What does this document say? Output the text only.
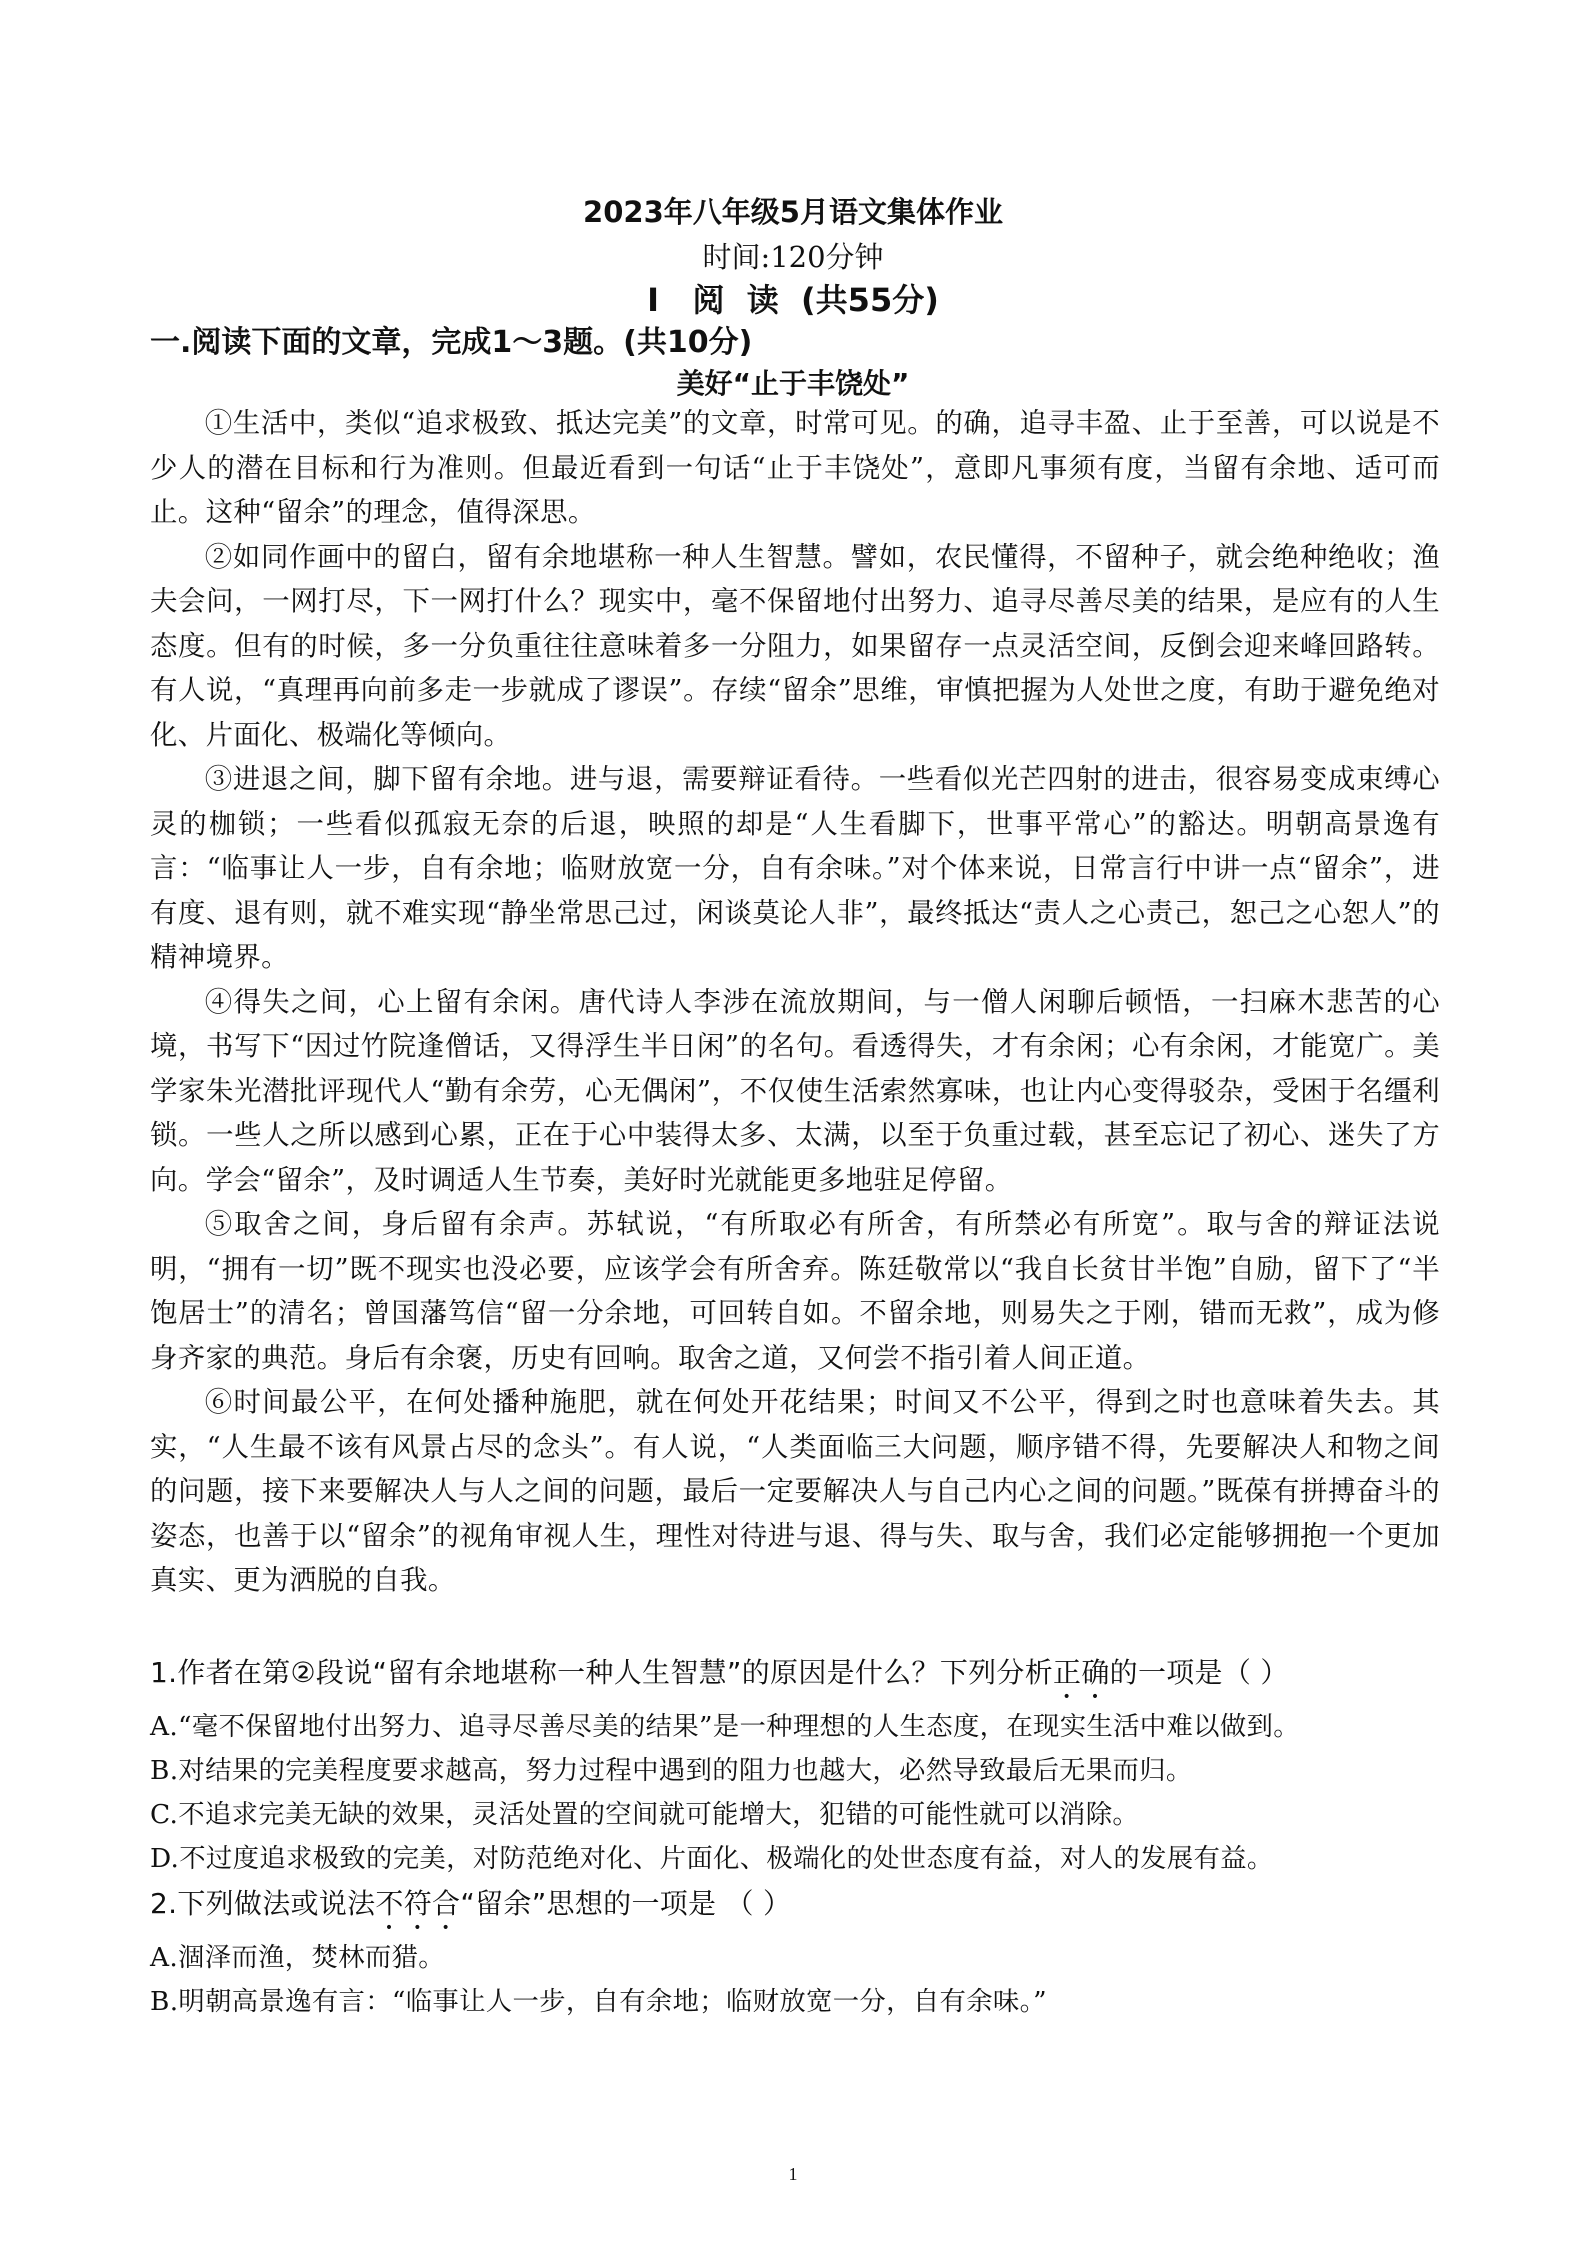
2023年八年级5月语文集体作业
时间:120分钟
Ⅰ   阅  读  (共55分)
一.阅读下面的文章，完成1～3题。(共10分)
美好“止于丰饶处”

①生活中，类似“追求极致、抵达完美”的文章，时常可见。的确，追寻丰盈、止于至善，可以说是不少人的潜在目标和行为准则。但最近看到一句话“止于丰饶处”，意即凡事须有度，当留有余地、适可而止。这种“留余”的理念，值得深思。

②如同作画中的留白，留有余地堪称一种人生智慧。譬如，农民懂得，不留种子，就会绝种绝收；渔夫会问，一网打尽，下一网打什么？现实中，毫不保留地付出努力、追寻尽善尽美的结果，是应有的人生态度。但有的时候，多一分负重往往意味着多一分阻力，如果留存一点灵活空间，反倒会迎来峰回路转。有人说，“真理再向前多走一步就成了谬误”。存续“留余”思维，审慎把握为人处世之度，有助于避免绝对化、片面化、极端化等倾向。

③进退之间，脚下留有余地。进与退，需要辩证看待。一些看似光芒四射的进击，很容易变成束缚心灵的枷锁；一些看似孤寂无奈的后退，映照的却是“人生看脚下，世事平常心”的豁达。明朝高景逸有言：“临事让人一步，自有余地；临财放宽一分，自有余味。”对个体来说，日常言行中讲一点“留余”，进有度、退有则，就不难实现“静坐常思己过，闲谈莫论人非”，最终抵达“责人之心责己，恕己之心恕人”的精神境界。

④得失之间，心上留有余闲。唐代诗人李涉在流放期间，与一僧人闲聊后顿悟，一扫麻木悲苦的心境，书写下“因过竹院逢僧话，又得浮生半日闲”的名句。看透得失，才有余闲；心有余闲，才能宽广。美学家朱光潜批评现代人“勤有余劳，心无偶闲”，不仅使生活索然寡味，也让内心变得驳杂，受困于名缰利锁。一些人之所以感到心累，正在于心中装得太多、太满，以至于负重过载，甚至忘记了初心、迷失了方向。学会“留余”，及时调适人生节奏，美好时光就能更多地驻足停留。

⑤取舍之间，身后留有余声。苏轼说，“有所取必有所舍，有所禁必有所宽”。取与舍的辩证法说明，“拥有一切”既不现实也没必要，应该学会有所舍弃。陈廷敬常以“我自长贫甘半饱”自励，留下了“半饱居士”的清名；曾国藩笃信“留一分余地，可回转自如。不留余地，则易失之于刚，错而无救”，成为修身齐家的典范。身后有余褒，历史有回响。取舍之道，又何尝不指引着人间正道。

⑥时间最公平，在何处播种施肥，就在何处开花结果；时间又不公平，得到之时也意味着失去。其实，“人生最不该有风景占尽的念头”。有人说，“人类面临三大问题，顺序错不得，先要解决人和物之间的问题，接下来要解决人与人之间的问题，最后一定要解决人与自己内心之间的问题。”既葆有拼搏奋斗的姿态，也善于以“留余”的视角审视人生，理性对待进与退、得与失、取与舍，我们必定能够拥抱一个更加真实、更为洒脱的自我。

1.作者在第②段说“留有余地堪称一种人生智慧”的原因是什么？下列分析正确的一项是（ ）

A.“毫不保留地付出努力、追寻尽善尽美的结果”是一种理想的人生态度，在现实生活中难以做到。

B.对结果的完美程度要求越高，努力过程中遇到的阻力也越大，必然导致最后无果而归。

C.不追求完美无缺的效果，灵活处置的空间就可能增大，犯错的可能性就可以消除。

D.不过度追求极致的完美，对防范绝对化、片面化、极端化的处世态度有益，对人的发展有益。

2.下列做法或说法不符合“留余”思想的一项是 （ ）

A.涸泽而渔，焚林而猎。

B.明朝高景逸有言：“临事让人一步，自有余地；临财放宽一分，自有余味。”

1
